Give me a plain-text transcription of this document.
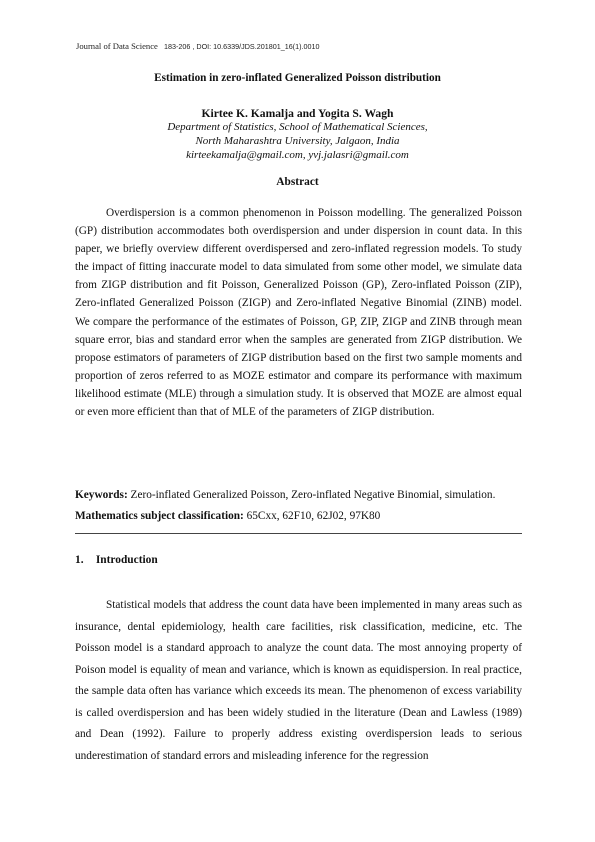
Journal of Data Science 183-206 , DOI: 10.6339/JDS.201801_16(1).0010
Estimation in zero-inflated Generalized Poisson distribution
Kirtee K. Kamalja and Yogita S. Wagh
Department of Statistics, School of Mathematical Sciences,
North Maharashtra University, Jalgaon, India
kirteekamalja@gmail.com, yvj.jalasri@gmail.com
Abstract

Overdispersion is a common phenomenon in Poisson modelling. The generalized Poisson (GP) distribution accommodates both overdispersion and under dispersion in count data. In this paper, we briefly overview different overdispersed and zero-inflated regression models. To study the impact of fitting inaccurate model to data simulated from some other model, we simulate data from ZIGP distribution and fit Poisson, Generalized Poisson (GP), Zero-inflated Poisson (ZIP), Zero-inflated Generalized Poisson (ZIGP) and Zero-inflated Negative Binomial (ZINB) model. We compare the performance of the estimates of Poisson, GP, ZIP, ZIGP and ZINB through mean square error, bias and standard error when the samples are generated from ZIGP distribution. We propose estimators of parameters of ZIGP distribution based on the first two sample moments and proportion of zeros referred to as MOZE estimator and compare its performance with maximum likelihood estimate (MLE) through a simulation study. It is observed that MOZE are almost equal or even more efficient than that of MLE of the parameters of ZIGP distribution.

Keywords: Zero-inflated Generalized Poisson, Zero-inflated Negative Binomial, simulation.
Mathematics subject classification: 65Cxx, 62F10, 62J02, 97K80
1. Introduction

Statistical models that address the count data have been implemented in many areas such as insurance, dental epidemiology, health care facilities, risk classification, medicine, etc. The Poisson model is a standard approach to analyze the count data. The most annoying property of Poison model is equality of mean and variance, which is known as equidispersion. In real practice, the sample data often has variance which exceeds its mean. The phenomenon of excess variability is called overdispersion and has been widely studied in the literature (Dean and Lawless (1989) and Dean (1992). Failure to properly address existing overdispersion leads to serious underestimation of standard errors and misleading inference for the regression
